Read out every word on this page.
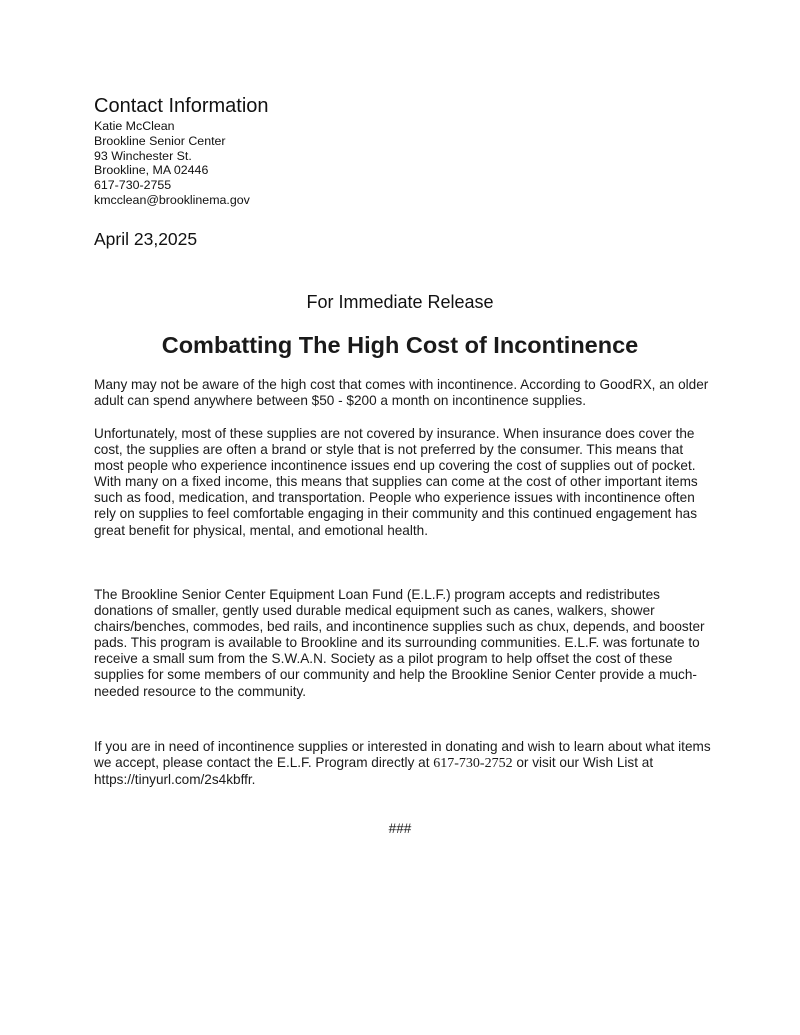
Contact Information
Katie McClean
Brookline Senior Center
93 Winchester St.
Brookline, MA 02446
617-730-2755
kmcclean@brooklinema.gov
April 23,2025
For Immediate Release
Combatting The High Cost of Incontinence

Many may not be aware of the high cost that comes with incontinence. According to GoodRX, an older adult can spend anywhere between $50 - $200 a month on incontinence supplies.

Unfortunately, most of these supplies are not covered by insurance. When insurance does cover the cost, the supplies are often a brand or style that is not preferred by the consumer. This means that most people who experience incontinence issues end up covering the cost of supplies out of pocket. With many on a fixed income, this means that supplies can come at the cost of other important items such as food, medication, and transportation. People who experience issues with incontinence often rely on supplies to feel comfortable engaging in their community and this continued engagement has great benefit for physical, mental, and emotional health.

The Brookline Senior Center Equipment Loan Fund (E.L.F.) program accepts and redistributes donations of smaller, gently used durable medical equipment such as canes, walkers, shower chairs/benches, commodes, bed rails, and incontinence supplies such as chux, depends, and booster pads. This program is available to Brookline and its surrounding communities. E.L.F. was fortunate to receive a small sum from the S.W.A.N. Society as a pilot program to help offset the cost of these supplies for some members of our community and help the Brookline Senior Center provide a much-needed resource to the community.

If you are in need of incontinence supplies or interested in donating and wish to learn about what items we accept, please contact the E.L.F. Program directly at 617-730-2752 or visit our Wish List at https://tinyurl.com/2s4kbffr.

###
